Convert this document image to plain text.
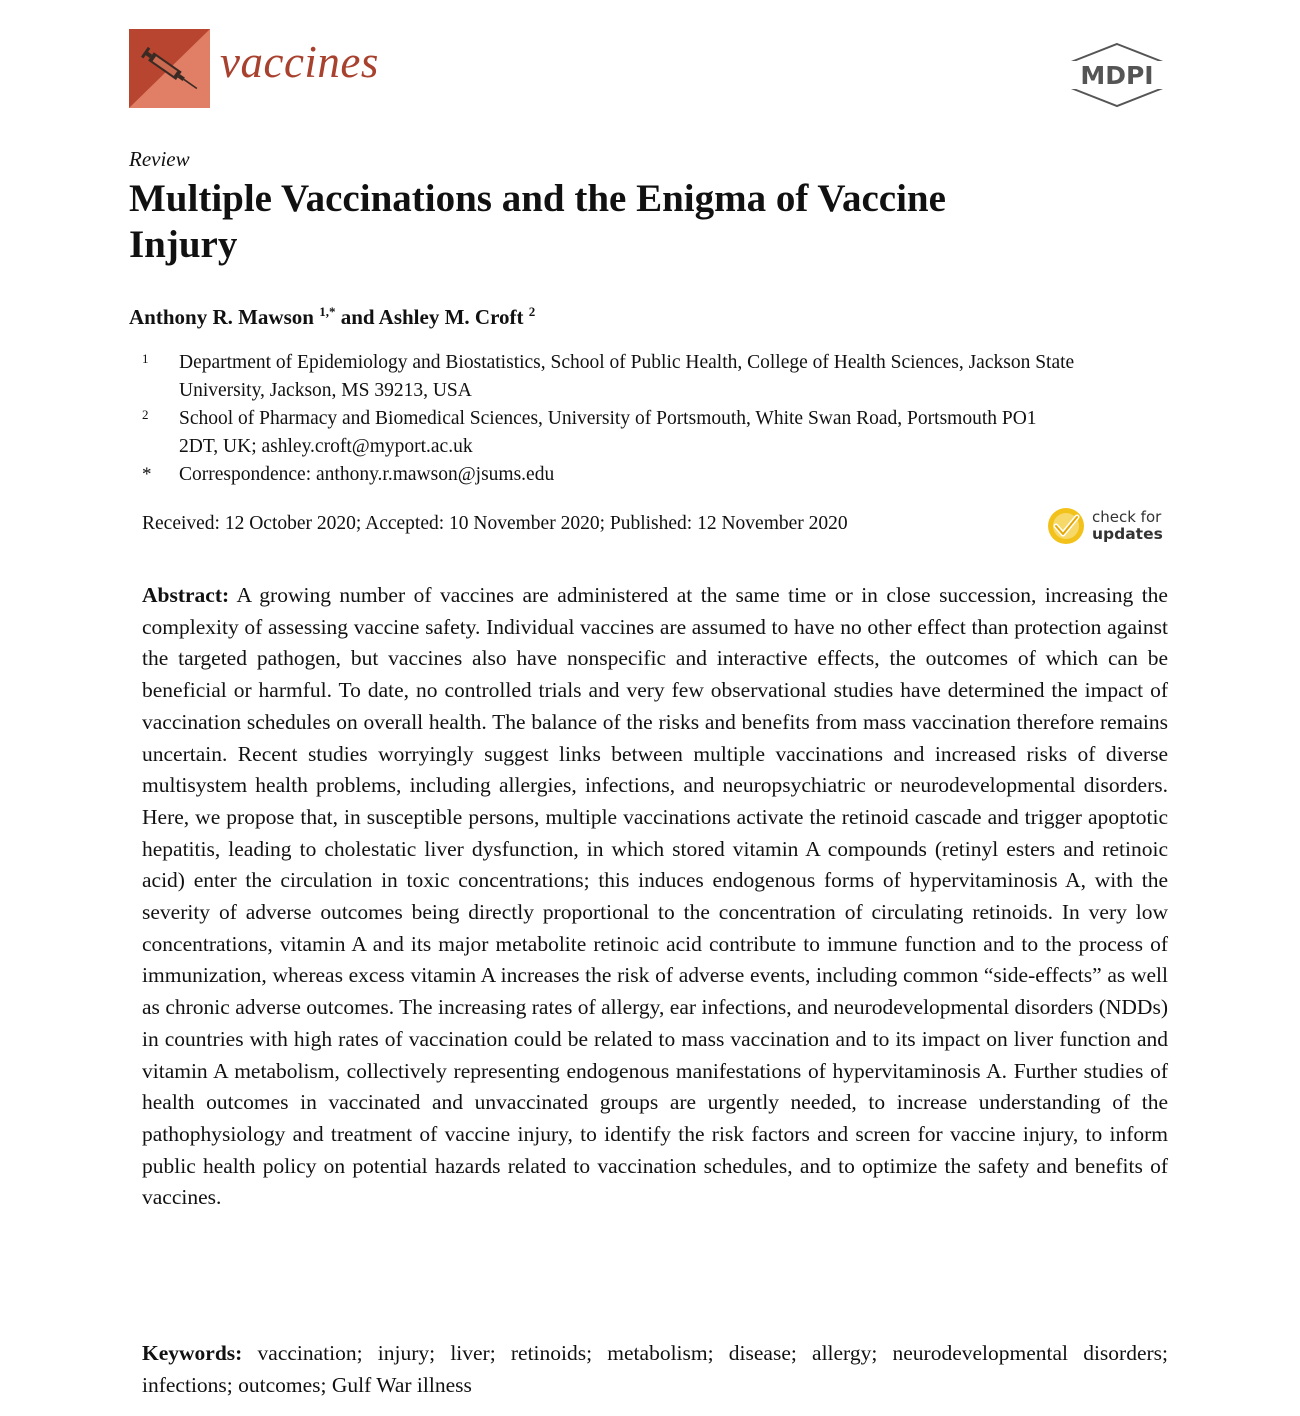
vaccines	MDPI
Review
Multiple Vaccinations and the Enigma of Vaccine Injury
Anthony R. Mawson $^{1,*}$ and Ashley M. Croft $^2$
1	Department of Epidemiology and Biostatistics, School of Public Health, College of Health Sciences, Jackson State University, Jackson, MS 39213, USA
2	School of Pharmacy and Biomedical Sciences, University of Portsmouth, White Swan Road, Portsmouth PO1 2DT, UK; ashley.croft@myport.ac.uk
*	Correspondence: anthony.r.mawson@jsums.edu
Received: 12 October 2020; Accepted: 10 November 2020; Published: 12 November 2020	check for
updates
Abstract: A growing number of vaccines are administered at the same time or in close succession, increasing the complexity of assessing vaccine safety. Individual vaccines are assumed to have no other effect than protection against the targeted pathogen, but vaccines also have nonspecific and interactive effects, the outcomes of which can be beneficial or harmful. To date, no controlled trials and very few observational studies have determined the impact of vaccination schedules on overall health. The balance of the risks and benefits from mass vaccination therefore remains uncertain. Recent studies worryingly suggest links between multiple vaccinations and increased risks of diverse multisystem health problems, including allergies, infections, and neuropsychiatric or neurodevelopmental disorders. Here, we propose that, in susceptible persons, multiple vaccinations activate the retinoid cascade and trigger apoptotic hepatitis, leading to cholestatic liver dysfunction, in which stored vitamin A compounds (retinyl esters and retinoic acid) enter the circulation in toxic concentrations; this induces endogenous forms of hypervitaminosis A, with the severity of adverse outcomes being directly proportional to the concentration of circulating retinoids. In very low concentrations, vitamin A and its major metabolite retinoic acid contribute to immune function and to the process of immunization, whereas excess vitamin A increases the risk of adverse events, including common “side-effects” as well as chronic adverse outcomes. The increasing rates of allergy, ear infections, and neurodevelopmental disorders (NDDs) in countries with high rates of vaccination could be related to mass vaccination and to its impact on liver function and vitamin A metabolism, collectively representing endogenous manifestations of hypervitaminosis A. Further studies of health outcomes in vaccinated and unvaccinated groups are urgently needed, to increase understanding of the pathophysiology and treatment of vaccine injury, to identify the risk factors and screen for vaccine injury, to inform public health policy on potential hazards related to vaccination schedules, and to optimize the safety and benefits of vaccines.
Keywords: vaccination; injury; liver; retinoids; metabolism; disease; allergy; neurodevelopmental disorders; infections; outcomes; Gulf War illness
